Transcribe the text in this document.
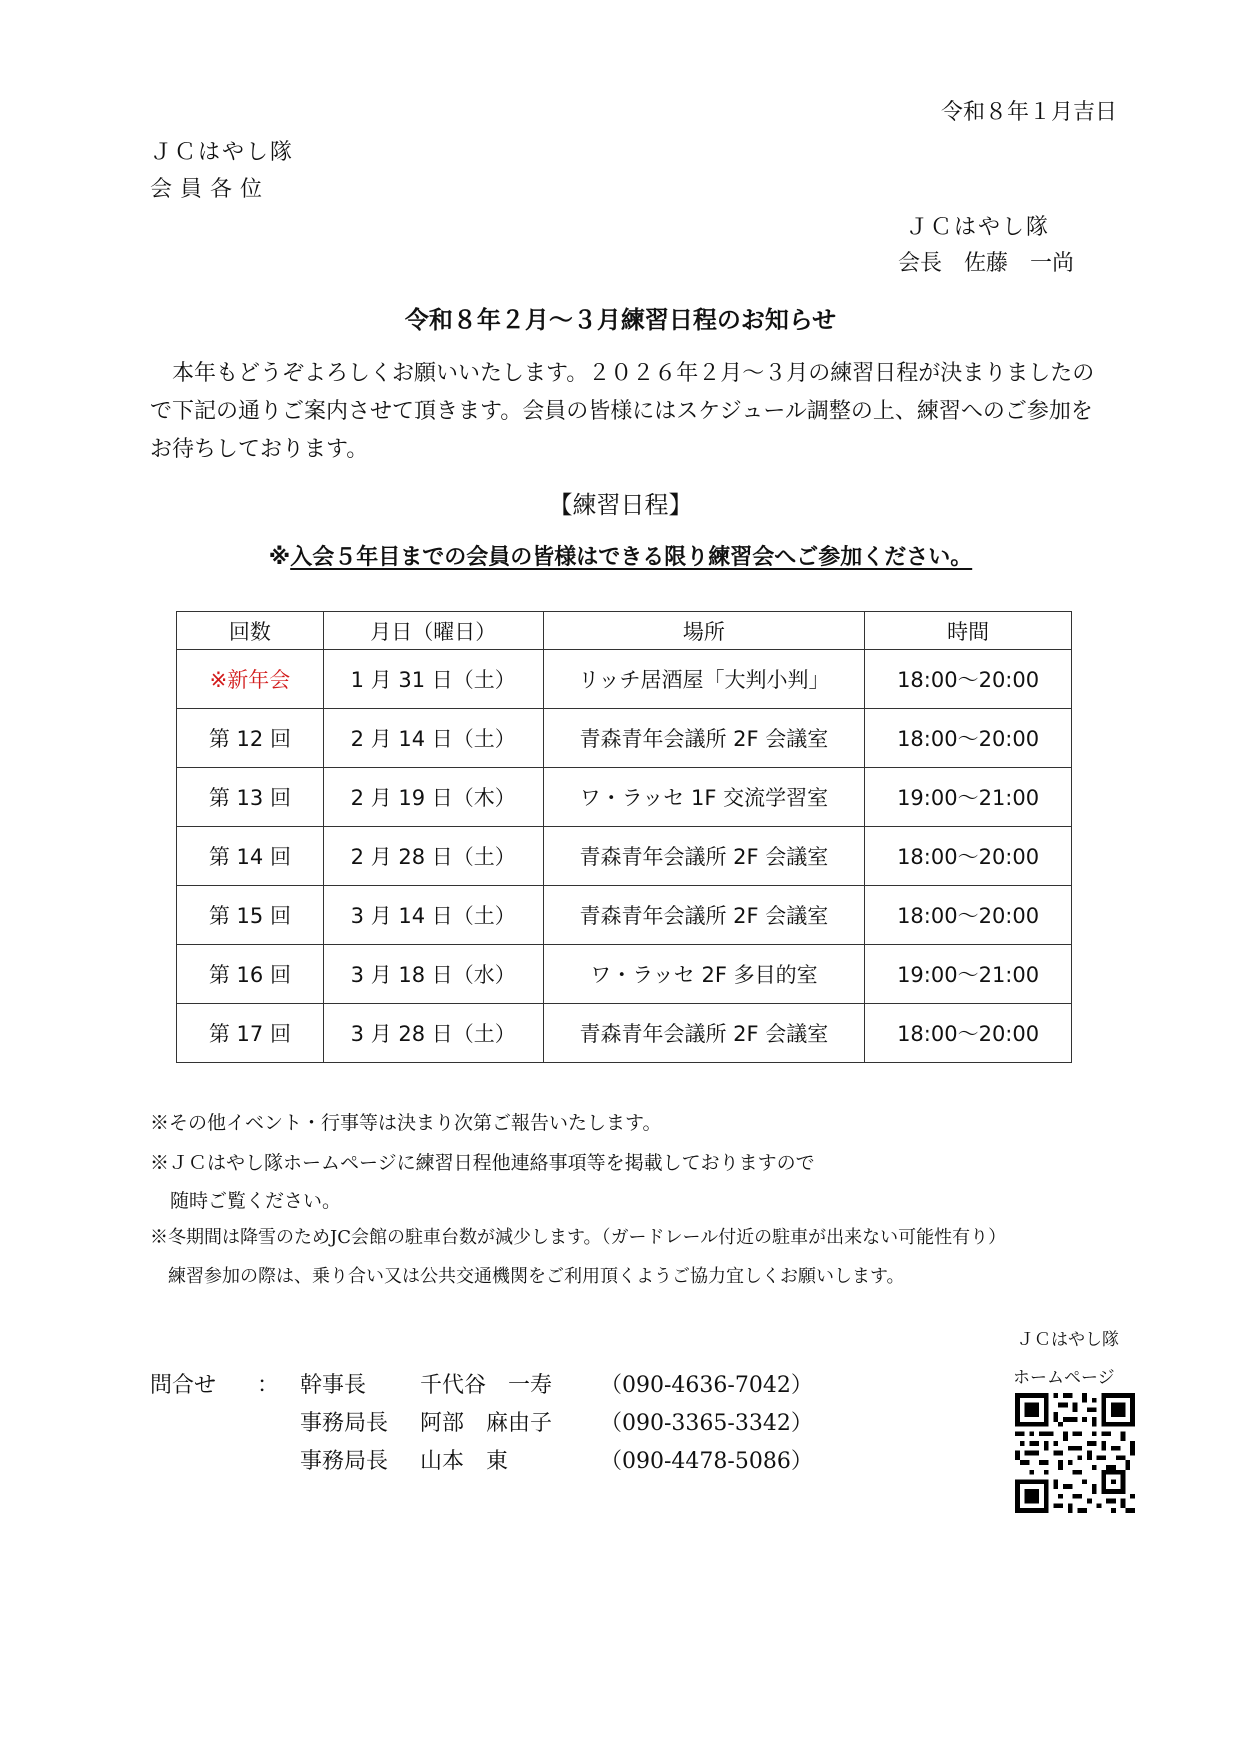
令和８年１月吉日
ＪＣはやし隊
会員各位
ＪＣはやし隊
会長　佐藤　一尚
令和８年２月～３月練習日程のお知らせ
　本年もどうぞよろしくお願いいたします。２０２６年２月～３月の練習日程が決まりましたので下記の通りご案内させて頂きます。会員の皆様にはスケジュール調整の上、練習へのご参加をお待ちしております。
【練習日程】
※入会５年目までの会員の皆様はできる限り練習会へご参加ください。
回数	月日（曜日）	場所	時間
※新年会	1 月 31 日（土）	リッチ居酒屋「大判小判」	18:00～20:00
第 12 回	2 月 14 日（土）	青森青年会議所 2F 会議室	18:00～20:00
第 13 回	2 月 19 日（木）	ワ・ラッセ 1F 交流学習室	19:00～21:00
第 14 回	2 月 28 日（土）	青森青年会議所 2F 会議室	18:00～20:00
第 15 回	3 月 14 日（土）	青森青年会議所 2F 会議室	18:00～20:00
第 16 回	3 月 18 日（水）	ワ・ラッセ 2F 多目的室	19:00～21:00
第 17 回	3 月 28 日（土）	青森青年会議所 2F 会議室	18:00～20:00
※その他イベント・行事等は決まり次第ご報告いたします。
※ＪＣはやし隊ホームページに練習日程他連絡事項等を掲載しておりますので
随時ご覧ください。
※冬期間は降雪のためJC会館の駐車台数が減少します。（ガードレール付近の駐車が出来ない可能性有り）
練習参加の際は、乗り合い又は公共交通機関をご利用頂くようご協力宜しくお願いします。
ＪＣはやし隊
ホームページ
問合せ ： 幹事長 千代谷　一寿 （090-4636-7042）
事務局長 阿部　麻由子 （090-3365-3342）
事務局長 山本　東	（090-4478-5086）
